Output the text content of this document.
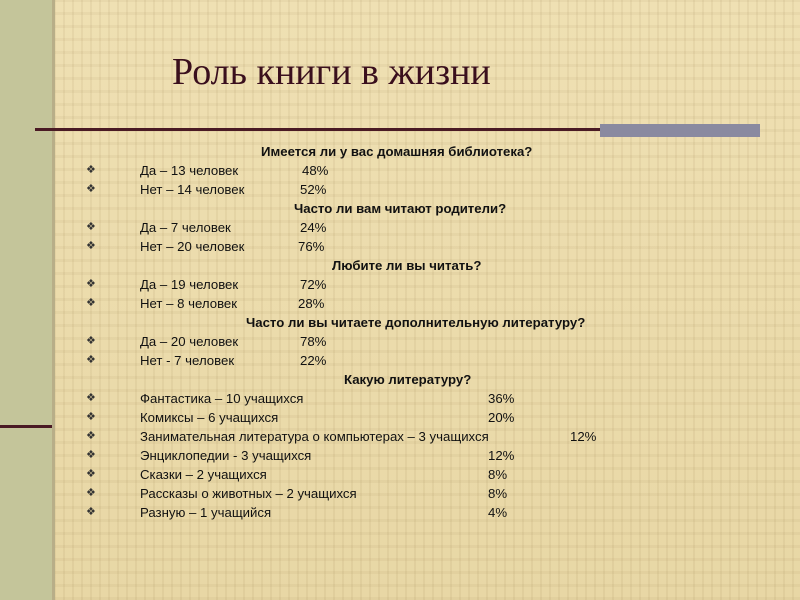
Роль книги в жизни
Имеется ли у вас домашняя библиотека?
❖	Да – 13 человек	48%
❖	Нет – 14 человек	52%
Часто ли вам читают родители?
❖	Да – 7 человек	24%
❖	Нет – 20 человек	76%
Любите ли вы читать?
❖	Да – 19 человек	72%
❖	Нет – 8 человек	28%
Часто ли вы читаете дополнительную литературу?
❖	Да – 20 человек	78%
❖	Нет - 7 человек	22%
Какую литературу?
❖	Фантастика – 10 учащихся	36%
❖	Комиксы – 6 учащихся	20%
❖	Занимательная литература о компьютерах – 3 учащихся	12%
❖	Энциклопедии - 3 учащихся	12%
❖	Сказки – 2 учащихся	8%
❖	Рассказы о животных – 2 учащихся	8%
❖	Разную – 1 учащийся	4%
